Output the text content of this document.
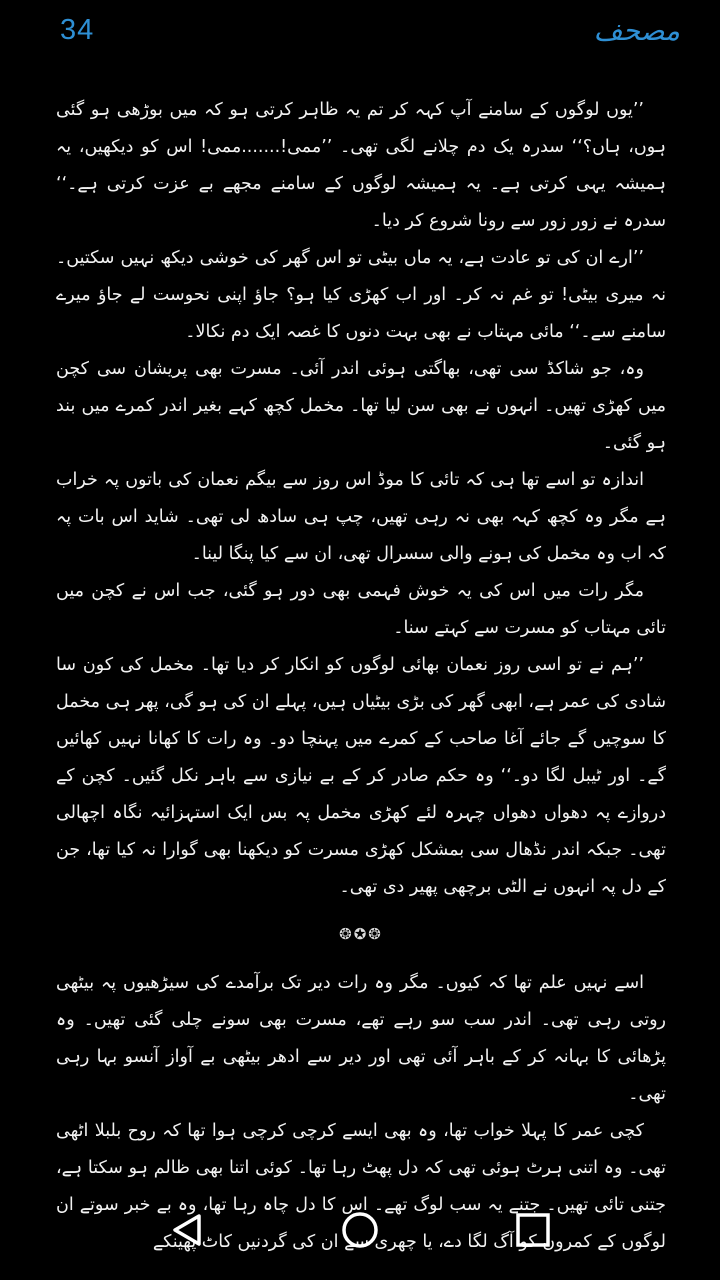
34	مصحف

’’یوں لوگوں کے سامنے آپ کہہ کر تم یہ ظاہر کرتی ہو کہ میں بوڑھی ہو گئی ہوں، ہاں؟‘‘ سدرہ یک دم چلانے لگی تھی۔ ’’ممی!.......ممی! اس کو دیکھیں، یہ ہمیشہ یہی کرتی ہے۔ یہ ہمیشہ لوگوں کے سامنے مجھے بے عزت کرتی ہے۔‘‘ سدرہ نے زور زور سے رونا شروع کر دیا۔

’’ارے ان کی تو عادت ہے، یہ ماں بیٹی تو اس گھر کی خوشی دیکھ نہیں سکتیں۔ نہ میری بیٹی! تو غم نہ کر۔ اور اب کھڑی کیا ہو؟ جاؤ اپنی نحوست لے جاؤ میرے سامنے سے۔‘‘ مائی مہتاب نے بھی بہت دنوں کا غصہ ایک دم نکالا۔

وہ، جو شاکڈ سی تھی، بھاگتی ہوئی اندر آئی۔ مسرت بھی پریشان سی کچن میں کھڑی تھیں۔ انہوں نے بھی سن لیا تھا۔ مخمل کچھ کہے بغیر اندر کمرے میں بند ہو گئی۔

اندازہ تو اسے تھا ہی کہ تائی کا موڈ اس روز سے بیگم نعمان کی باتوں پہ خراب ہے مگر وہ کچھ کہہ بھی نہ رہی تھیں، چپ ہی سادھ لی تھی۔ شاید اس بات پہ کہ اب وہ مخمل کی ہونے والی سسرال تھی، ان سے کیا پنگا لینا۔

مگر رات میں اس کی یہ خوش فہمی بھی دور ہو گئی، جب اس نے کچن میں تائی مہتاب کو مسرت سے کہتے سنا۔

’’ہم نے تو اسی روز نعمان بھائی لوگوں کو انکار کر دیا تھا۔ مخمل کی کون سا شادی کی عمر ہے، ابھی گھر کی بڑی بیٹیاں ہیں، پہلے ان کی ہو گی، پھر ہی مخمل کا سوچیں گے جائے آغا صاحب کے کمرے میں پہنچا دو۔ وہ رات کا کھانا نہیں کھائیں گے۔ اور ٹیبل لگا دو۔‘‘ وہ حکم صادر کر کے بے نیازی سے باہر نکل گئیں۔ کچن کے دروازے پہ دھواں دھواں چہرہ لئے کھڑی مخمل پہ بس ایک استہزائیہ نگاہ اچھالی تھی۔ جبکہ اندر نڈھال سی بمشکل کھڑی مسرت کو دیکھنا بھی گوارا نہ کیا تھا، جن کے دل پہ انہوں نے الٹی برچھی پھیر دی تھی۔

❂✪❂

اسے نہیں علم تھا کہ کیوں۔ مگر وہ رات دیر تک برآمدے کی سیڑھیوں پہ بیٹھی روتی رہی تھی۔ اندر سب سو رہے تھے، مسرت بھی سونے چلی گئی تھیں۔ وہ پڑھائی کا بہانہ کر کے باہر آئی تھی اور دیر سے ادھر بیٹھی بے آواز آنسو بہا رہی تھی۔

کچی عمر کا پہلا خواب تھا، وہ بھی ایسے کرچی کرچی ہوا تھا کہ روح بلبلا اٹھی تھی۔ وہ اتنی ہرٹ ہوئی تھی کہ دل پھٹ رہا تھا۔ کوئی اتنا بھی ظالم ہو سکتا ہے، جتنی تائی تھیں۔ جتنے یہ سب لوگ تھے۔ اس کا دل چاہ رہا تھا، وہ بے خبر سوتے ان لوگوں کے کمروں کو آگ لگا دے، یا چھری سے ان کی گردنیں کاٹ پھینکے
